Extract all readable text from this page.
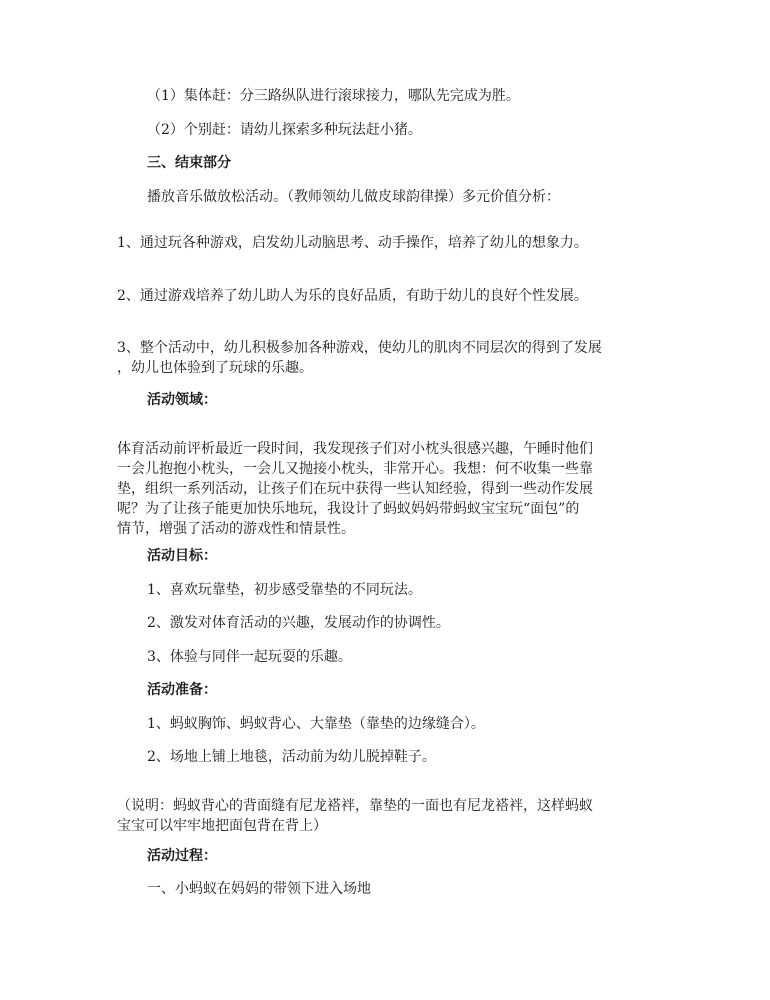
（1）集体赶：分三路纵队进行滚球接力，哪队先完成为胜。
（2）个别赶：请幼儿探索多种玩法赶小猪。
三、结束部分
播放音乐做放松活动。（教师领幼儿做皮球韵律操）多元价值分析：
1、通过玩各种游戏，启发幼儿动脑思考、动手操作，培养了幼儿的想象力。
2、通过游戏培养了幼儿助人为乐的良好品质，有助于幼儿的良好个性发展。
3、整个活动中，幼儿积极参加各种游戏，使幼儿的肌肉不同层次的得到了发展
，幼儿也体验到了玩球的乐趣。
活动领域：
体育活动前评析最近一段时间，我发现孩子们对小枕头很感兴趣，午睡时他们
一会儿抱抱小枕头，一会儿又抛接小枕头，非常开心。我想：何不收集一些靠
垫，组织一系列活动，让孩子们在玩中获得一些认知经验，得到一些动作发展
呢？为了让孩子能更加快乐地玩，我设计了蚂蚁妈妈带蚂蚁宝宝玩“面包”的
情节，增强了活动的游戏性和情景性。
活动目标：
1、喜欢玩靠垫，初步感受靠垫的不同玩法。
2、激发对体育活动的兴趣，发展动作的协调性。
3、体验与同伴一起玩耍的乐趣。
活动准备：
1、蚂蚁胸饰、蚂蚁背心、大靠垫（靠垫的边缘缝合）。
2、场地上铺上地毯，活动前为幼儿脱掉鞋子。
（说明：蚂蚁背心的背面缝有尼龙褡袢，靠垫的一面也有尼龙褡袢，这样蚂蚁
宝宝可以牢牢地把面包背在背上）
活动过程：
一、小蚂蚁在妈妈的带领下进入场地
